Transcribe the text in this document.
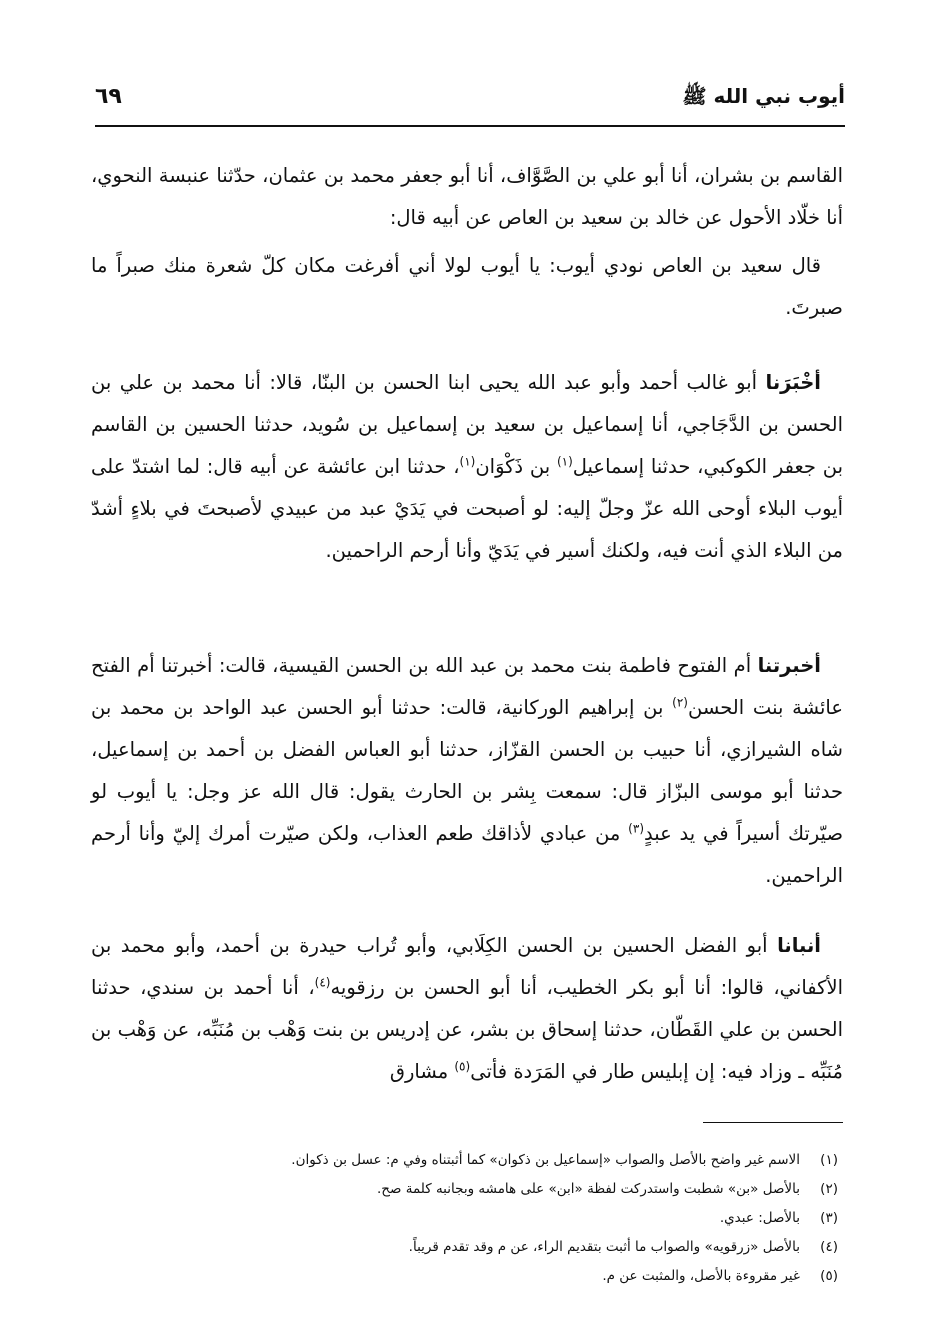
أيوب نبي الله ﷺ
٦٩

القاسم بن بشران، أنا أبو علي بن الصَّوَّاف، أنا أبو جعفر محمد بن عثمان، حدّثنا عنبسة النحوي، أنا خلّاد الأحول عن خالد بن سعيد بن العاص عن أبيه قال:

قال سعيد بن العاص نودي أيوب: يا أيوب لولا أني أفرغت مكان كلّ شعرة منك صبراً ما صبرتَ.

أخْبَرَنا أبو غالب أحمد وأبو عبد الله يحيى ابنا الحسن بن البنّا، قالا: أنا محمد بن علي بن الحسن بن الدَّجَاجي، أنا إسماعيل بن سعيد بن إسماعيل بن سُويد، حدثنا الحسين بن القاسم بن جعفر الكوكبي، حدثنا إسماعيل$^{(١)}$ بن ذَكْوَان$^{(١)}$، حدثنا ابن عائشة عن أبيه قال: لما اشتدّ على أيوب البلاء أوحى الله عزّ وجلّ إليه: لو أصبحت في يَدَيْ عبد من عبيدي لأصبحتَ في بلاءٍ أشدّ من البلاء الذي أنت فيه، ولكنك أسير في يَدَيّ وأنا أرحم الراحمين.

أخبرتنا أم الفتوح فاطمة بنت محمد بن عبد الله بن الحسن القيسية، قالت: أخبرتنا أم الفتح عائشة بنت الحسن$^{(٢)}$ بن إبراهيم الوركانية، قالت: حدثنا أبو الحسن عبد الواحد بن محمد بن شاه الشيرازي، أنا حبيب بن الحسن القزّاز، حدثنا أبو العباس الفضل بن أحمد بن إسماعيل، حدثنا أبو موسى البزّاز قال: سمعت بِشر بن الحارث يقول: قال الله عز وجل: يا أيوب لو صيّرتك أسيراً في يد عبدٍ$^{(٣)}$ من عبادي لأذاقك طعم العذاب، ولكن صيّرت أمرك إليّ وأنا أرحم الراحمين.

أنبانا أبو الفضل الحسين بن الحسن الكِلَابي، وأبو تُراب حيدرة بن أحمد، وأبو محمد بن الأكفاني، قالوا: أنا أبو بكر الخطيب، أنا أبو الحسن بن رزقويه$^{(٤)}$، أنا أحمد بن سندي، حدثنا الحسن بن علي القَطّان، حدثنا إسحاق بن بشر، عن إدريس بن بنت وَهْب بن مُنَبِّه، عن وَهْب بن مُنَبِّه ـ وزاد فيه: إن إبليس طار في المَرَدة فأتى$^{(٥)}$ مشارق

(١)
الاسم غير واضح بالأصل والصواب «إسماعيل بن ذكوان» كما أثبتناه وفي م: عسل بن ذكوان.
(٢)
بالأصل «بن» شطبت واستدركت لفظة «ابن» على هامشه وبجانبه كلمة صح.
(٣)
بالأصل: عبدي.
(٤)
بالأصل «زرقويه» والصواب ما أثبت بتقديم الراء، عن م وقد تقدم قريباً.
(٥)
غير مقروءة بالأصل، والمثبت عن م.
